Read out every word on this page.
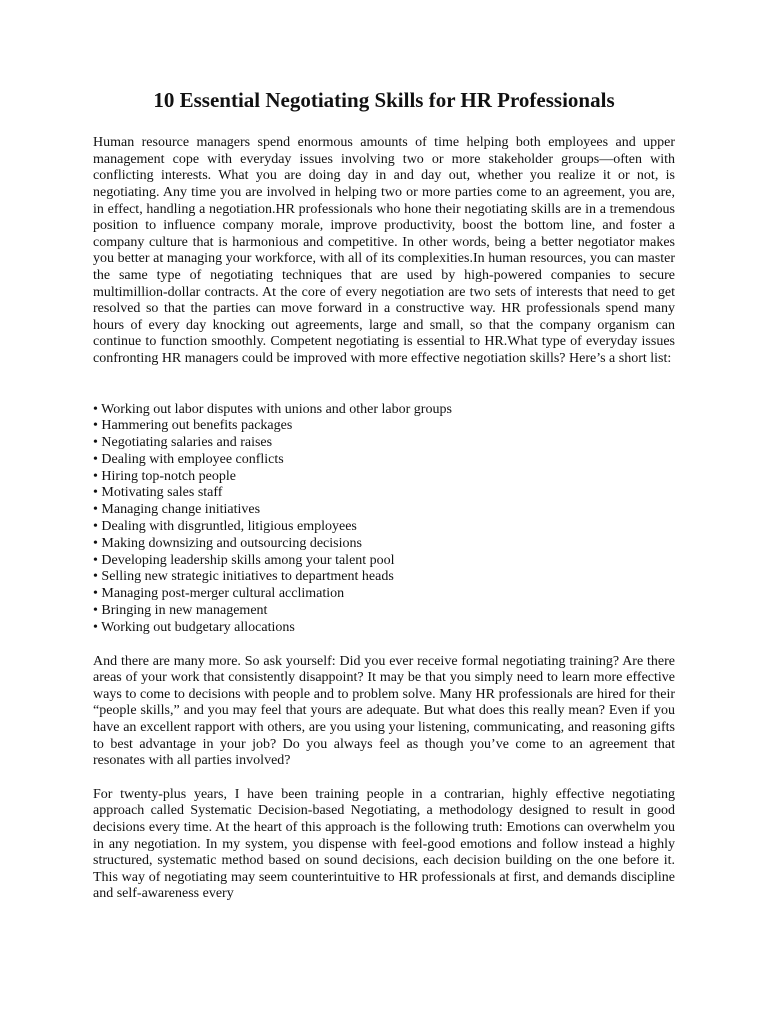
10 Essential Negotiating Skills for HR Professionals

Human resource managers spend enormous amounts of time helping both employees and upper management cope with everyday issues involving two or more stakeholder groups—often with conflicting interests. What you are doing day in and day out, whether you realize it or not, is negotiating. Any time you are involved in helping two or more parties come to an agreement, you are, in effect, handling a negotiation.HR professionals who hone their negotiating skills are in a tremendous position to influence company morale, improve productivity, boost the bottom line, and foster a company culture that is harmonious and competitive. In other words, being a better negotiator makes you better at managing your workforce, with all of its complexities.In human resources, you can master the same type of negotiating techniques that are used by high-powered companies to secure multimillion-dollar contracts. At the core of every negotiation are two sets of interests that need to get resolved so that the parties can move forward in a constructive way. HR professionals spend many hours of every day knocking out agreements, large and small, so that the company organism can continue to function smoothly. Competent negotiating is essential to HR.What type of everyday issues confronting HR managers could be improved with more effective negotiation skills? Here’s a short list:

• Working out labor disputes with unions and other labor groups
• Hammering out benefits packages
• Negotiating salaries and raises
• Dealing with employee conflicts
• Hiring top-notch people
• Motivating sales staff
• Managing change initiatives
• Dealing with disgruntled, litigious employees
• Making downsizing and outsourcing decisions
• Developing leadership skills among your talent pool
• Selling new strategic initiatives to department heads
• Managing post-merger cultural acclimation
• Bringing in new management
• Working out budgetary allocations

And there are many more. So ask yourself: Did you ever receive formal negotiating training? Are there areas of your work that consistently disappoint? It may be that you simply need to learn more effective ways to come to decisions with people and to problem solve. Many HR professionals are hired for their “people skills,” and you may feel that yours are adequate. But what does this really mean? Even if you have an excellent rapport with others, are you using your listening, communicating, and reasoning gifts to best advantage in your job? Do you always feel as though you’ve come to an agreement that resonates with all parties involved?

For twenty-plus years, I have been training people in a contrarian, highly effective negotiating approach called Systematic Decision-based Negotiating, a methodology designed to result in good decisions every time. At the heart of this approach is the following truth: Emotions can overwhelm you in any negotiation. In my system, you dispense with feel-good emotions and follow instead a highly structured, systematic method based on sound decisions, each decision building on the one before it. This way of negotiating may seem counterintuitive to HR professionals at first, and demands discipline and self-awareness every
